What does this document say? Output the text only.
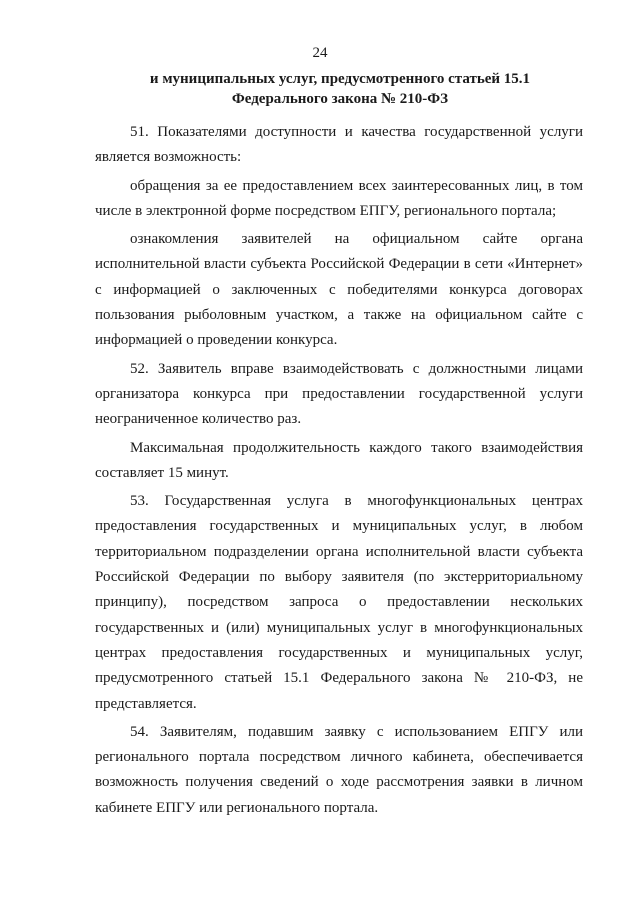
24
и муниципальных услуг, предусмотренного статьей 15.1
Федерального закона № 210-ФЗ

51. Показателями доступности и качества государственной услуги является возможность:

обращения за ее предоставлением всех заинтересованных лиц, в том числе в электронной форме посредством ЕПГУ, регионального портала;

ознакомления заявителей на официальном сайте органа исполнительной власти субъекта Российской Федерации в сети «Интернет» с информацией о заключенных с победителями конкурса договорах пользования рыболовным участком, а также на официальном сайте с информацией о проведении конкурса.

52. Заявитель вправе взаимодействовать с должностными лицами организатора конкурса при предоставлении государственной услуги неограниченное количество раз.

Максимальная продолжительность каждого такого взаимодействия составляет 15 минут.

53. Государственная услуга в многофункциональных центрах предоставления государственных и муниципальных услуг, в любом территориальном подразделении органа исполнительной власти субъекта Российской Федерации по выбору заявителя (по экстерриториальному принципу), посредством запроса о предоставлении нескольких государственных и (или) муниципальных услуг в многофункциональных центрах предоставления государственных и муниципальных услуг, предусмотренного статьей 15.1 Федерального закона № 210-ФЗ, не представляется.

54. Заявителям, подавшим заявку с использованием ЕПГУ или регионального портала посредством личного кабинета, обеспечивается возможность получения сведений о ходе рассмотрения заявки в личном кабинете ЕПГУ или регионального портала.
